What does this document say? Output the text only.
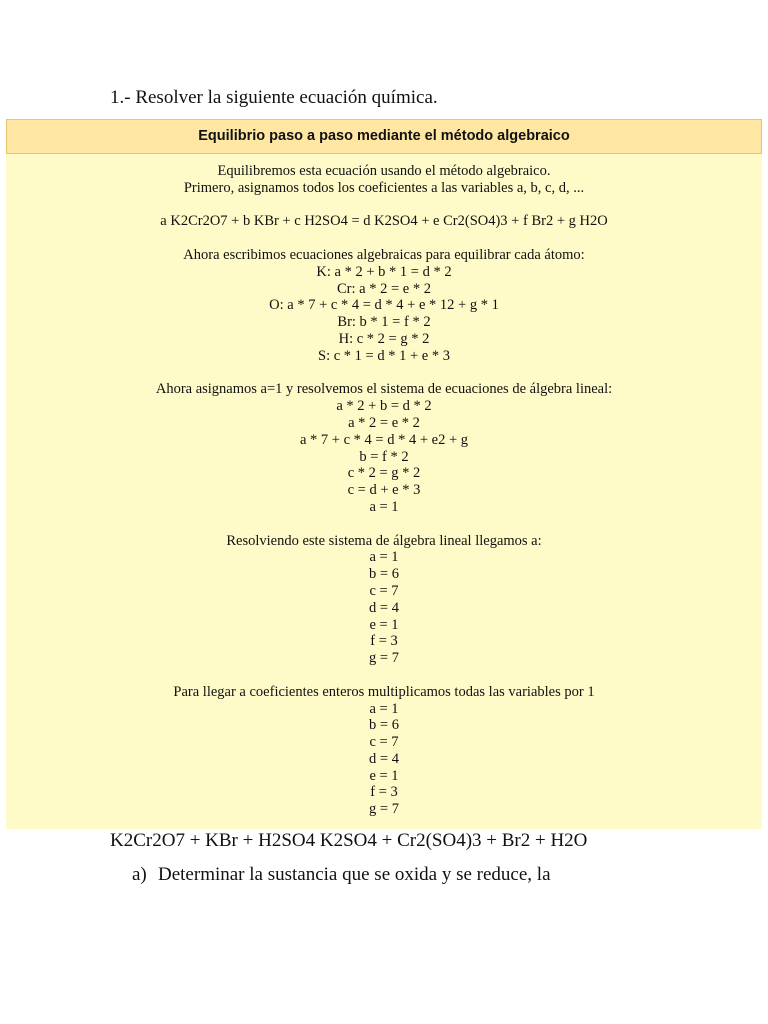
1.- Resolver la siguiente ecuación química.
Equilibrio paso a paso mediante el método algebraico
Equilibremos esta ecuación usando el método algebraico.
Primero, asignamos todos los coeficientes a las variables a, b, c, d, ...
a K2Cr2O7 + b KBr + c H2SO4 = d K2SO4 + e Cr2(SO4)3 + f Br2 + g H2O
Ahora escribimos ecuaciones algebraicas para equilibrar cada átomo:
K: a * 2 + b * 1 = d * 2
Cr: a * 2 = e * 2
O: a * 7 + c * 4 = d * 4 + e * 12 + g * 1
Br: b * 1 = f * 2
H: c * 2 = g * 2
S: c * 1 = d * 1 + e * 3
Ahora asignamos a=1 y resolvemos el sistema de ecuaciones de álgebra lineal:
a * 2 + b = d * 2
a * 2 = e * 2
a * 7 + c * 4 = d * 4 + e2 + g
b = f * 2
c * 2 = g * 2
c = d + e * 3
a = 1
Resolviendo este sistema de álgebra lineal llegamos a:
a = 1
b = 6
c = 7
d = 4
e = 1
f = 3
g = 7
Para llegar a coeficientes enteros multiplicamos todas las variables por 1
a = 1
b = 6
c = 7
d = 4
e = 1
f = 3
g = 7
K2Cr2O7 + KBr + H2SO4 K2SO4 + Cr2(SO4)3 + Br2 + H2O
a) Determinar la sustancia que se oxida y se reduce, la
